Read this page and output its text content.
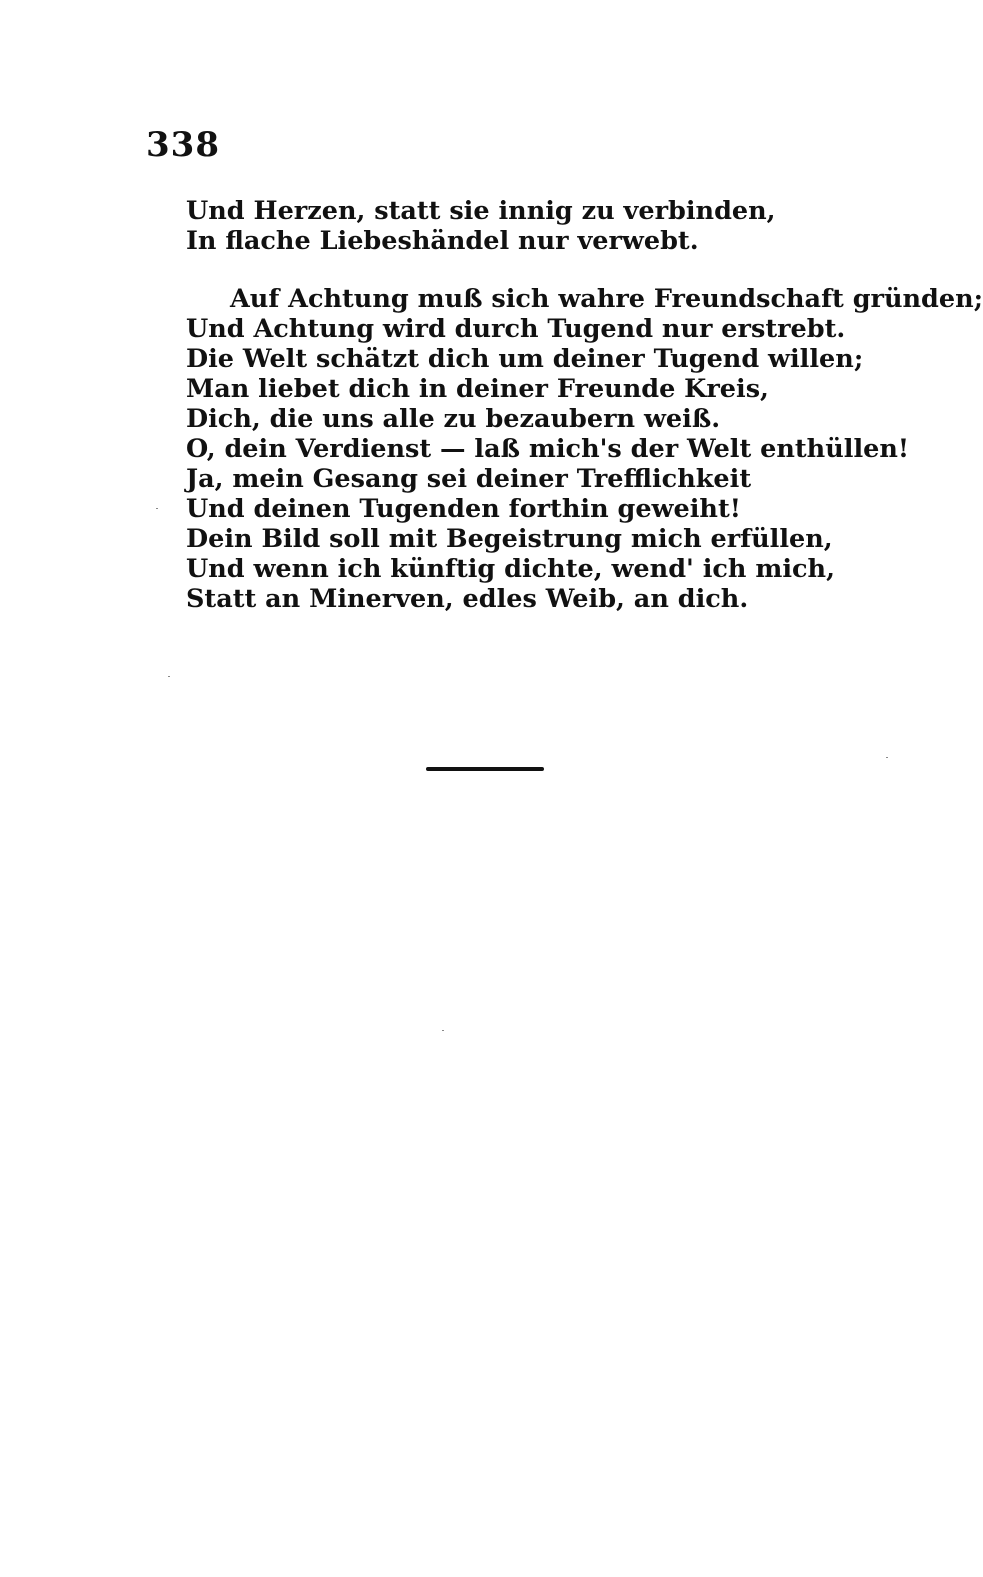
338
Und Herzen, statt sie innig zu verbinden,
In flache Liebeshändel nur verwebt.
Auf Achtung muß sich wahre Freundschaft gründen;
Und Achtung wird durch Tugend nur erstrebt.
Die Welt schätzt dich um deiner Tugend willen;
Man liebet dich in deiner Freunde Kreis,
Dich, die uns alle zu bezaubern weiß.
O, dein Verdienst — laß mich's der Welt enthüllen!
Ja, mein Gesang sei deiner Trefflichkeit
Und deinen Tugenden forthin geweiht!
Dein Bild soll mit Begeistrung mich erfüllen,
Und wenn ich künftig dichte, wend' ich mich,
Statt an Minerven, edles Weib, an dich.
